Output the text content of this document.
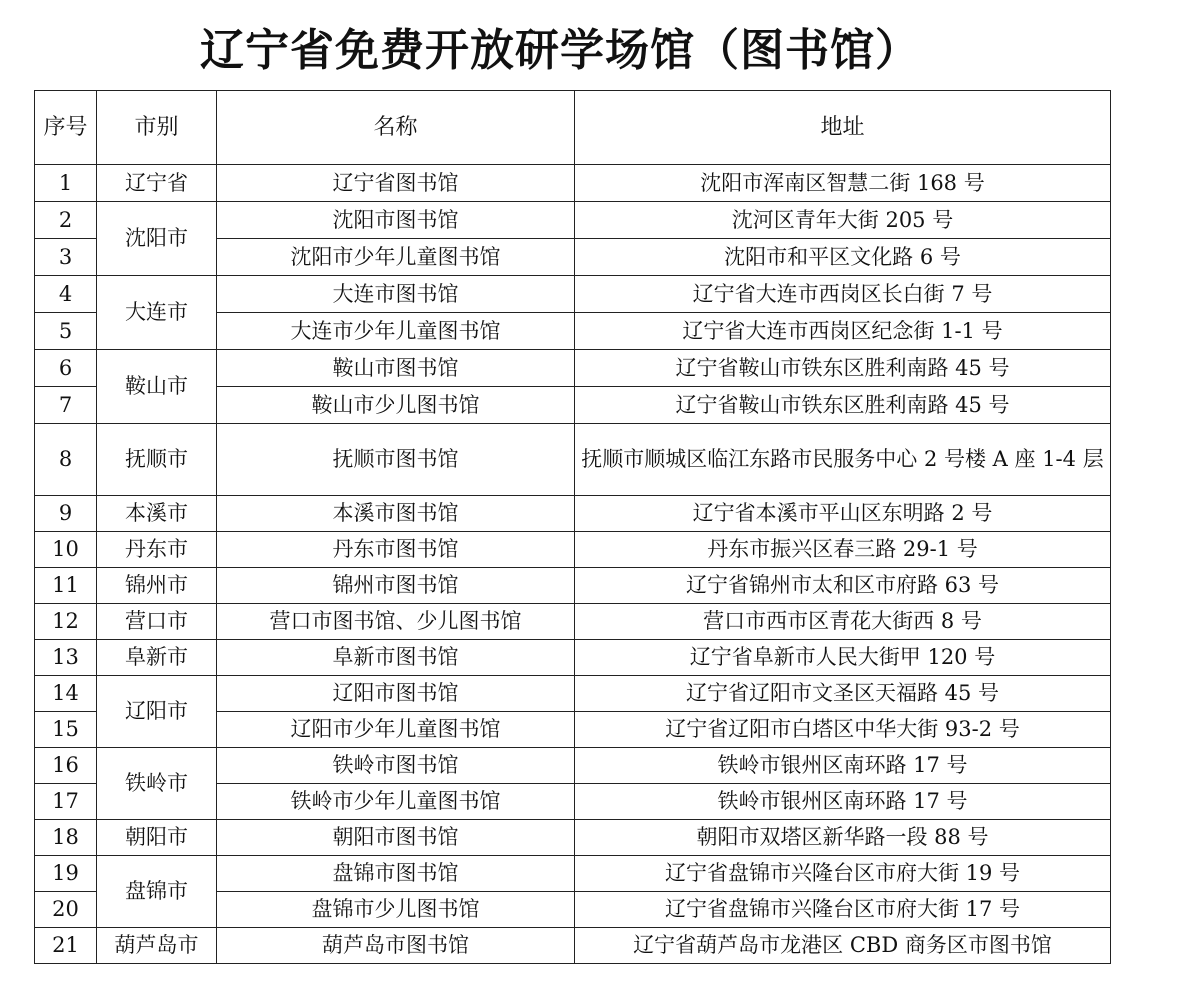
辽宁省免费开放研学场馆（图书馆）
序号	市别	名称	地址
1	辽宁省	辽宁省图书馆	沈阳市浑南区智慧二街 168 号
2	沈阳市	沈阳市图书馆	沈河区青年大街 205 号
3		沈阳市少年儿童图书馆	沈阳市和平区文化路 6 号
4	大连市	大连市图书馆	辽宁省大连市西岗区长白街 7 号
5		大连市少年儿童图书馆	辽宁省大连市西岗区纪念街 1-1 号
6	鞍山市	鞍山市图书馆	辽宁省鞍山市铁东区胜利南路 45 号
7		鞍山市少儿图书馆	辽宁省鞍山市铁东区胜利南路 45 号
8	抚顺市	抚顺市图书馆	抚顺市顺城区临江东路市民服务中心 2 号楼 A 座 1-4 层
9	本溪市	本溪市图书馆	辽宁省本溪市平山区东明路 2 号
10	丹东市	丹东市图书馆	丹东市振兴区春三路 29-1 号
11	锦州市	锦州市图书馆	辽宁省锦州市太和区市府路 63 号
12	营口市	营口市图书馆、少儿图书馆	营口市西市区青花大街西 8 号
13	阜新市	阜新市图书馆	辽宁省阜新市人民大街甲 120 号
14	辽阳市	辽阳市图书馆	辽宁省辽阳市文圣区天福路 45 号
15		辽阳市少年儿童图书馆	辽宁省辽阳市白塔区中华大街 93-2 号
16	铁岭市	铁岭市图书馆	铁岭市银州区南环路 17 号
17		铁岭市少年儿童图书馆	铁岭市银州区南环路 17 号
18	朝阳市	朝阳市图书馆	朝阳市双塔区新华路一段 88 号
19	盘锦市	盘锦市图书馆	辽宁省盘锦市兴隆台区市府大街 19 号
20		盘锦市少儿图书馆	辽宁省盘锦市兴隆台区市府大街 17 号
21	葫芦岛市	葫芦岛市图书馆	辽宁省葫芦岛市龙港区 CBD 商务区市图书馆
